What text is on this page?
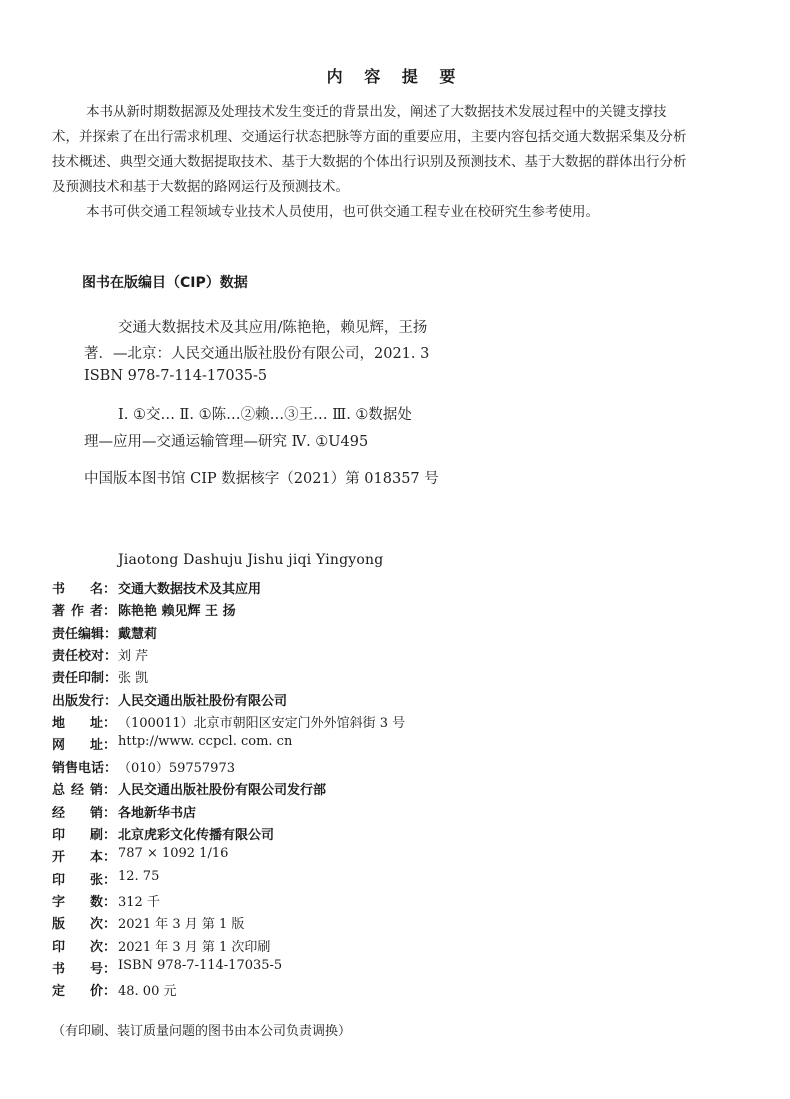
内 容 提 要
本书从新时期数据源及处理技术发生变迁的背景出发，阐述了大数据技术发展过程中的关键支撑技
术，并探索了在出行需求机理、交通运行状态把脉等方面的重要应用，主要内容包括交通大数据采集及分析
技术概述、典型交通大数据提取技术、基于大数据的个体出行识别及预测技术、基于大数据的群体出行分析
及预测技术和基于大数据的路网运行及预测技术。
本书可供交通工程领域专业技术人员使用，也可供交通工程专业在校研究生参考使用。
图书在版编目（CIP）数据
交通大数据技术及其应用/陈艳艳，赖见辉，王扬
著．—北京：人民交通出版社股份有限公司，2021. 3
ISBN 978-7-114-17035-5
Ⅰ. ①交… Ⅱ. ①陈…②赖…③王… Ⅲ. ①数据处
理—应用—交通运输管理—研究 Ⅳ. ①U495
中国版本图书馆 CIP 数据核字（2021）第 018357 号
Jiaotong Dashuju Jishu jiqi Yingyong
书 名： 交通大数据技术及其应用
著 作 者： 陈艳艳 赖见辉 王 扬
责任编辑： 戴慧莉
责任校对： 刘 芹
责任印制： 张 凯
出版发行： 人民交通出版社股份有限公司
地 址： （100011）北京市朝阳区安定门外外馆斜街 3 号
网 址： http://www. ccpcl. com. cn
销售电话： （010）59757973
总 经 销： 人民交通出版社股份有限公司发行部
经 销： 各地新华书店
印 刷： 北京虎彩文化传播有限公司
开 本： 787 × 1092 1/16
印 张： 12. 75
字 数： 312 千
版 次： 2021 年 3 月 第 1 版
印 次： 2021 年 3 月 第 1 次印刷
书 号： ISBN 978-7-114-17035-5
定 价： 48. 00 元
（有印刷、装订质量问题的图书由本公司负责调换）
